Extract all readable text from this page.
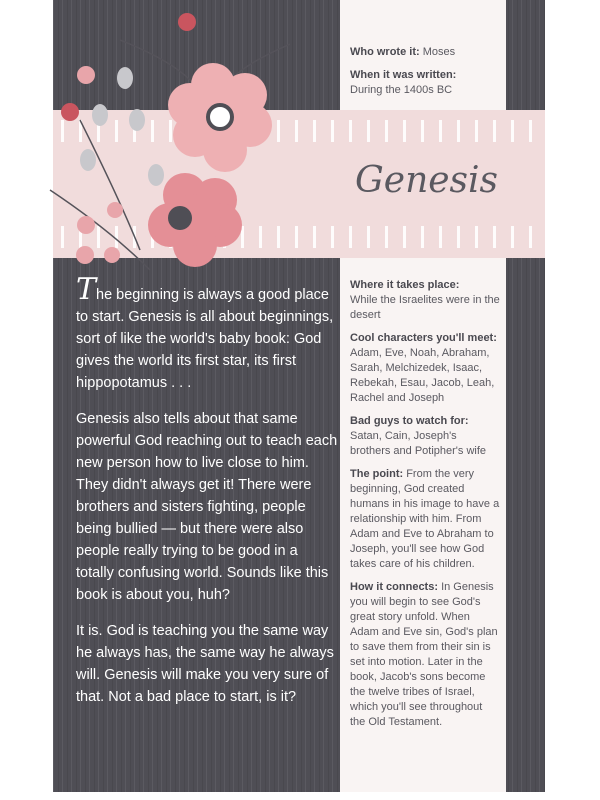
Genesis

Who wrote it: Moses

When it was written:
During the 1400s BC

Where it takes place:
While the Israelites were in the desert

Cool characters you'll meet: Adam, Eve, Noah, Abraham, Sarah, Melchizedek, Isaac, Rebekah, Esau, Jacob, Leah, Rachel and Joseph

Bad guys to watch for:
Satan, Cain, Joseph's brothers and Potipher's wife

The point: From the very beginning, God created humans in his image to have a relationship with him. From Adam and Eve to Abraham to Joseph, you'll see how God takes care of his children.

How it connects: In Genesis you will begin to see God's great story unfold. When Adam and Eve sin, God's plan to save them from their sin is set into motion. Later in the book, Jacob's sons become the twelve tribes of Israel, which you'll see throughout the Old Testament.

The beginning is always a good place to start. Genesis is all about beginnings, sort of like the world's baby book: God gives the world its first star, its first hippopotamus . . .

Genesis also tells about that same powerful God reaching out to teach each new person how to live close to him. They didn't always get it! There were brothers and sisters fighting, people being bullied — but there were also people really trying to be good in a totally confusing world. Sounds like this book is about you, huh?

It is. God is teaching you the same way he always has, the same way he always will. Genesis will make you very sure of that. Not a bad place to start, is it?
